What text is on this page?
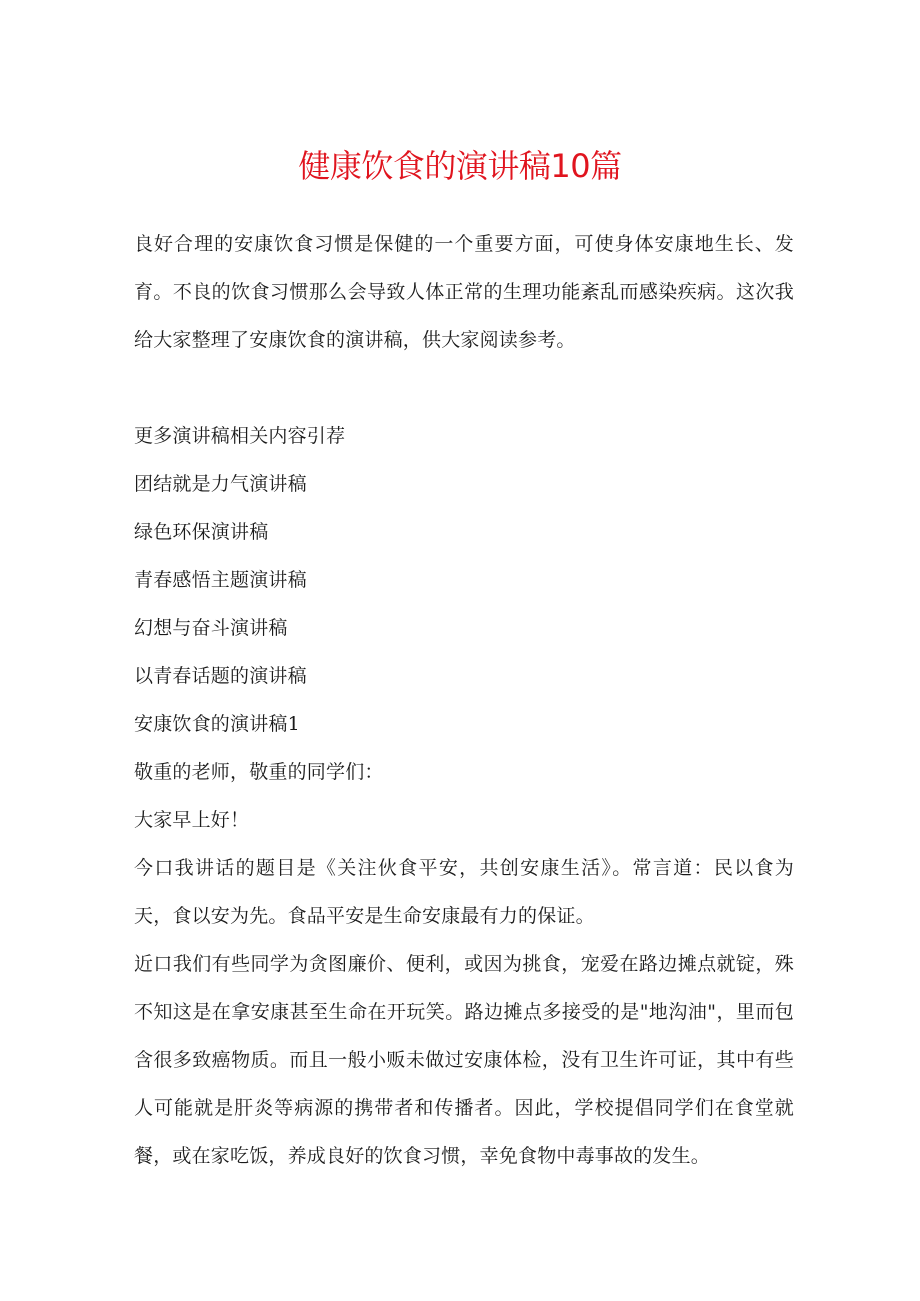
健康饮食的演讲稿10篇

良好合理的安康饮食习惯是保健的一个重要方面，可使身体安康地生长、发育。不良的饮食习惯那么会导致人体正常的生理功能紊乱而感染疾病。这次我给大家整理了安康饮食的演讲稿，供大家阅读参考。

更多演讲稿相关内容引荐
团结就是力气演讲稿
绿色环保演讲稿
青春感悟主题演讲稿
幻想与奋斗演讲稿
以青春话题的演讲稿
安康饮食的演讲稿1

敬重的老师，敬重的同学们：

大家早上好！

今口我讲话的题目是《关注伙食平安，共创安康生活》。常言道：民以食为天，食以安为先。食品平安是生命安康最有力的保证。

近口我们有些同学为贪图廉价、便利，或因为挑食，宠爱在路边摊点就锭，殊不知这是在拿安康甚至生命在开玩笑。路边摊点多接受的是"地沟油"，里而包含很多致癌物质。而且一般小贩未做过安康体检，没有卫生许可证，其中有些人可能就是肝炎等病源的携带者和传播者。因此，学校提倡同学们在食堂就餐，或在家吃饭，养成良好的饮食习惯，幸免食物中毒事故的发生。
